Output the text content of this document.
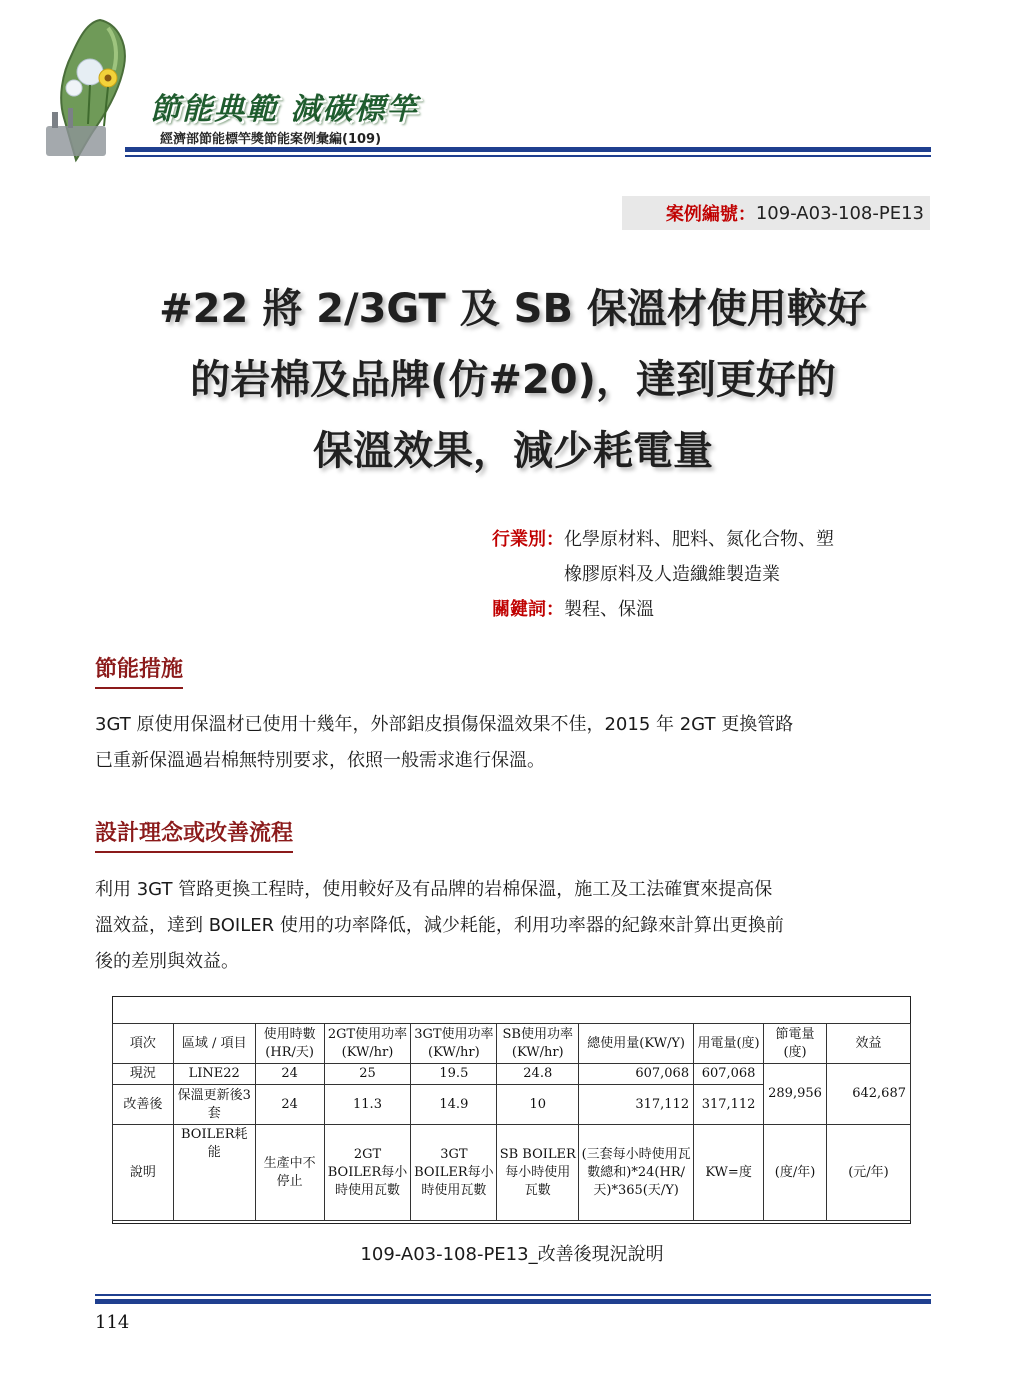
節能典範 減碳標竿
經濟部節能標竿獎節能案例彙編(109)
案例編號： 109-A03-108-PE13
#22 將 2/3GT 及 SB 保溫材使用較好
的岩棉及品牌(仿#20)，達到更好的
保溫效果，減少耗電量
行業別： 化學原材料、肥料、氮化合物、塑
橡膠原料及人造纖維製造業
關鍵詞： 製程、保溫
節能措施
3GT 原使用保溫材已使用十幾年，外部鋁皮損傷保溫效果不佳，2015 年 2GT 更換管路
已重新保溫過岩棉無特別要求，依照一般需求進行保溫。
設計理念或改善流程
利用 3GT 管路更換工程時，使用較好及有品牌的岩棉保溫，施工及工法確實來提高保
溫效益，達到 BOILER 使用的功率降低，減少耗能，利用功率器的紀錄來計算出更換前
後的差別與效益。
項次	區域 / 項目	使用時數(HR/天)	2GT使用功率(KW/hr)	3GT使用功率(KW/hr)	SB使用功率(KW/hr)	總使用量(KW/Y)	用電量(度)	節電量(度)	效益
現況	LINE22	24	25	19.5	24.8	607,068	607,068	289,956	642,687
改善後	保溫更新後3套	24	11.3	14.9	10	317,112	317,112		
說明	BOILER耗能	生產中不停止	2GT BOILER每小時使用瓦數	3GT BOILER每小時使用瓦數	SB BOILER每小時使用瓦數	(三套每小時使用瓦數總和)*24(HR/天)*365(天/Y)	KW=度	(度/年)	(元/年)
109-A03-108-PE13_改善後現況說明
114
